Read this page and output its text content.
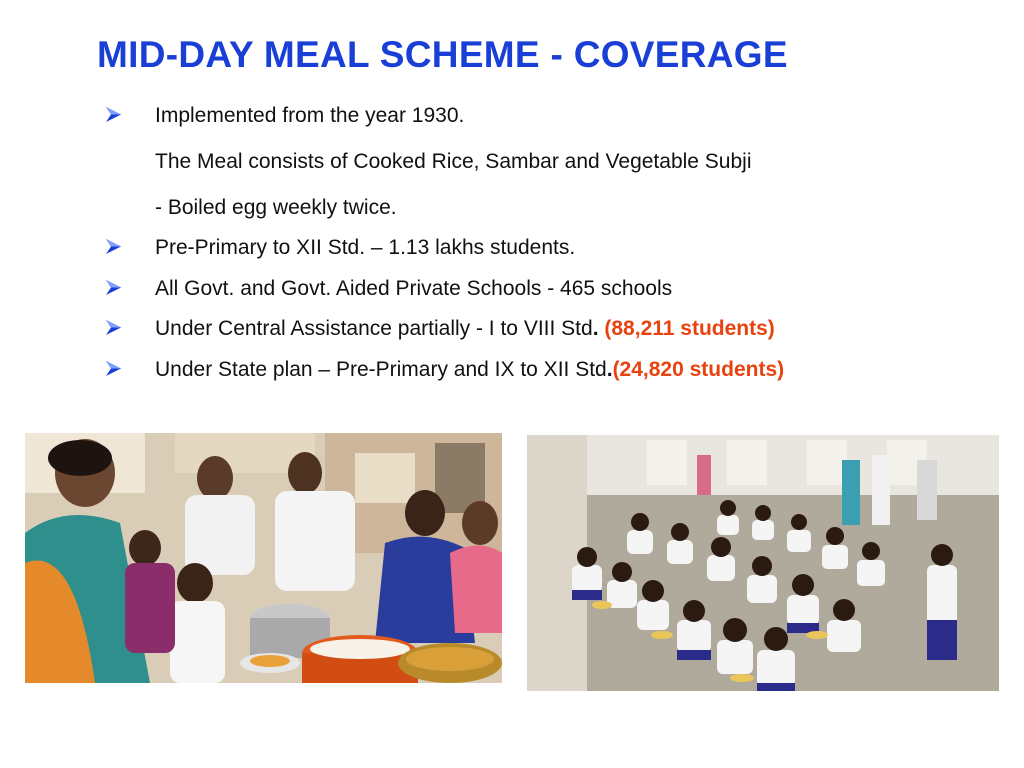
MID-DAY MEAL SCHEME - COVERAGE
Implemented from the year 1930.
The Meal consists of Cooked Rice, Sambar and Vegetable Subji
- Boiled egg weekly twice.
Pre-Primary to XII Std. – 1.13 lakhs students.
All Govt. and Govt. Aided Private Schools - 465 schools
Under Central Assistance partially - I to VIII Std. (88,211 students)
Under State plan – Pre-Primary and IX to XII Std.(24,820 students)
